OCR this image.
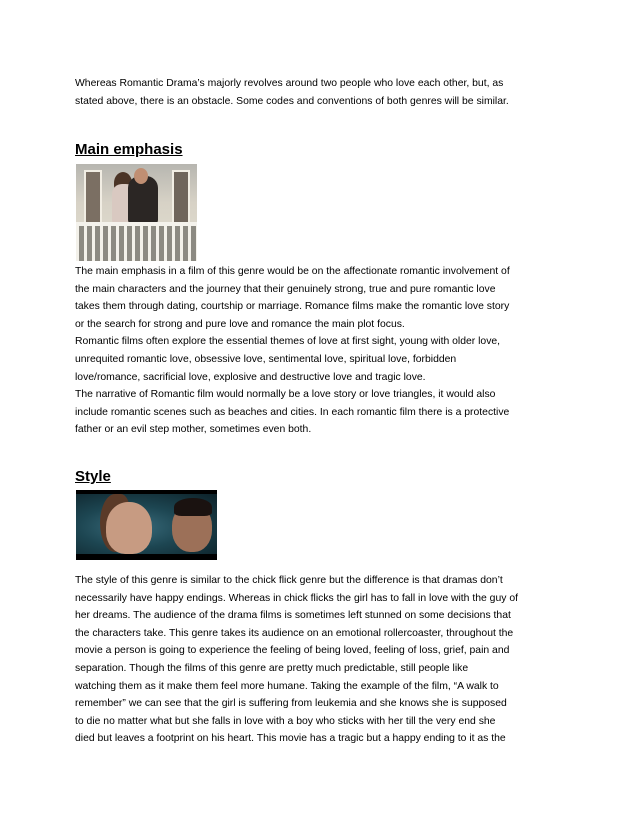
Whereas Romantic Drama’s majorly revolves around two people who love each other, but, as
stated above, there is an obstacle. Some codes and conventions of both genres will be similar.
Main emphasis
The main emphasis in a film of this genre would be on the affectionate romantic involvement of
the main characters and the journey that their genuinely strong, true and pure romantic love
takes them through dating, courtship or marriage. Romance films make the romantic love story
or the search for strong and pure love and romance the main plot focus.
Romantic films often explore the essential themes of love at first sight, young with older love,
unrequited romantic love, obsessive love, sentimental love, spiritual love, forbidden
love/romance, sacrificial love, explosive and destructive love and tragic love.
The narrative of Romantic film would normally be a love story or love triangles, it would also
include romantic scenes such as beaches and cities. In each romantic film there is a protective
father or an evil step mother, sometimes even both.
Style
The style of this genre is similar to the chick flick genre but the difference is that dramas don’t
necessarily have happy endings. Whereas in chick flicks the girl has to fall in love with the guy of
her dreams. The audience of the drama films is sometimes left stunned on some decisions that
the characters take. This genre takes its audience on an emotional rollercoaster, throughout the
movie a person is going to experience the feeling of being loved, feeling of loss, grief, pain and
separation. Though the films of this genre are pretty much predictable, still people like
watching them as it make them feel more humane. Taking the example of the film, “A walk to
remember” we can see that the girl is suffering from leukemia and she knows she is supposed
to die no matter what but she falls in love with a boy who sticks with her till the very end she
died but leaves a footprint on his heart. This movie has a tragic but a happy ending to it as the
